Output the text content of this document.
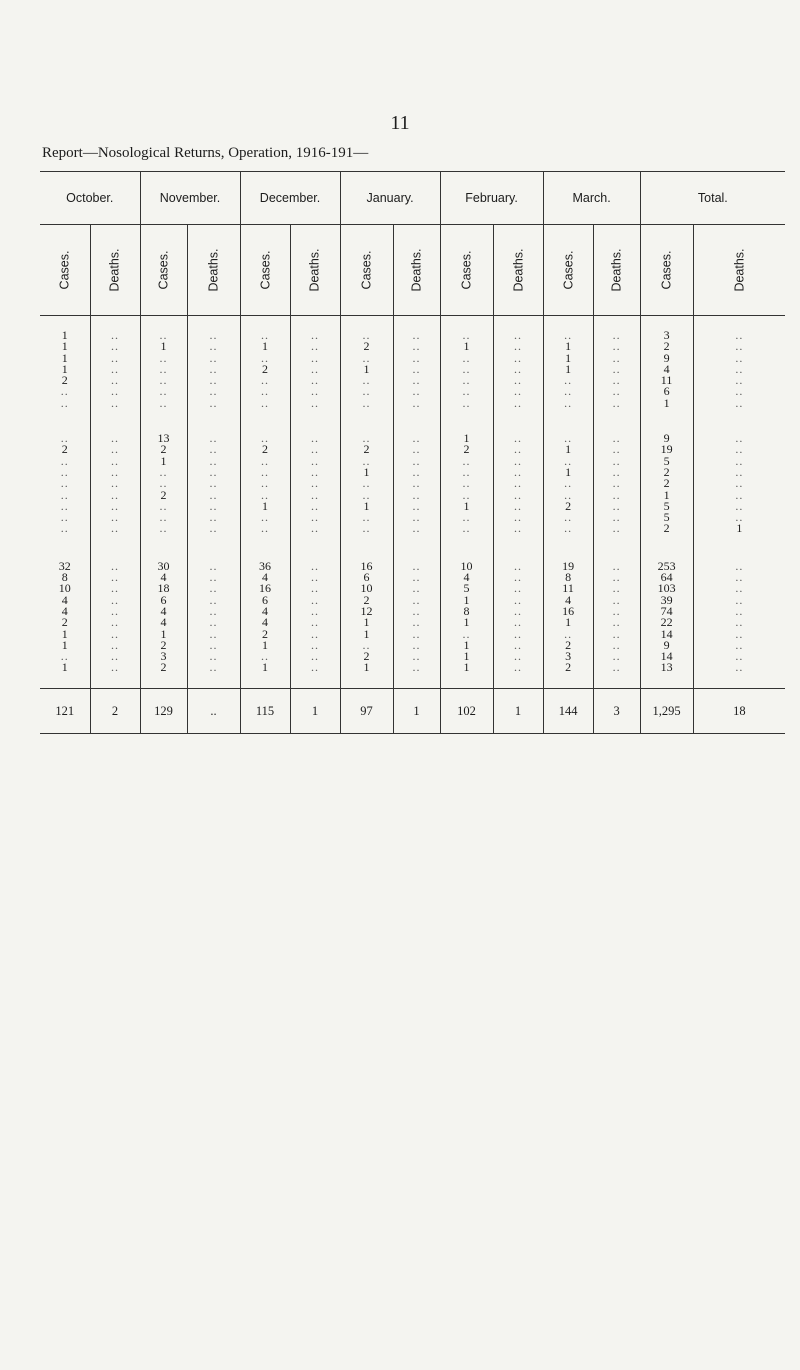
11
Report—Nosological Returns, Operation, 1916-191—
October.		November.		December.		January.		February.		March.		Total.	
Cases.	Deaths.	Cases.	Deaths.	Cases.	Deaths.	Cases.	Deaths.	Cases.	Deaths.	Cases.	Deaths.	Cases.	Deaths.

1	..	..	..	..	..	..	..	..	..	..	..	3	..
1	..	1	..	1	..	2	..	1	..	1	..	2	..
1	..	..	..	..	..	..	..	..	..	1	..	9	..
1	..	..	..	2	..	1	..	..	..	1	..	4	..
2	..	..	..	..	..	..	..	..	..	..	..	11	..
..	..	..	..	..	..	..	..	..	..	..	..	6	..
..	..	..	..	..	..	..	..	..	..	..	..	1	..

..	..	13	..	..	..	..	..	1	..	..	..	9	..
2	..	2	..	2	..	2	..	2	..	1	..	19	..
..	..	1	..	..	..	..	..	..	..	..	..	5	..
..	..	..	..	..	..	1	..	..	..	1	..	2	..
..	..	..	..	..	..	..	..	..	..	..	..	2	..
..	..	2	..	..	..	..	..	..	..	..	..	1	..
..	..	..	..	1	..	1	..	1	..	2	..	5	..
..	..	..	..	..	..	..	..	..	..	..	..	5	..
..	..	..	..	..	..	..	..	..	..	..	..	2	1

32	..	30	..	36	..	16	..	10	..	19	..	253	..
8	..	4	..	4	..	6	..	4	..	8	..	64	..
10	..	18	..	16	..	10	..	5	..	11	..	103	..
4	..	6	..	6	..	2	..	1	..	4	..	39	..
4	..	4	..	4	..	12	..	8	..	16	..	74	..
2	..	4	..	4	..	1	..	1	..	1	..	22	..
1	..	1	..	2	..	1	..	..	..	..	..	14	..
1	..	2	..	1	..	..	..	1	..	2	..	9	..
..	..	3	..	..	..	2	..	1	..	3	..	14	..
1	..	2	..	1	..	1	..	1	..	2	..	13	..

121	2	129	..	115	1	97	1	102	1	144	3	1,295	18
